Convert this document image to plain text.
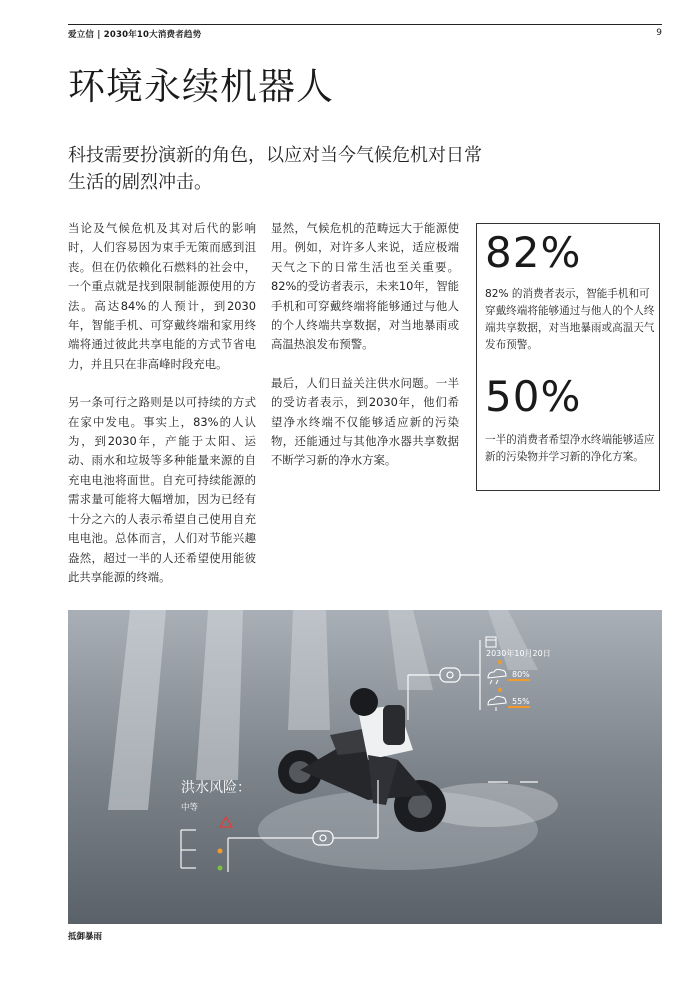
爱立信 | 2030年10大消费者趋势	9
环境永续机器人

科技需要扮演新的角色，以应对当今气候危机对日常生活的剧烈冲击。

当论及气候危机及其对后代的影响时，人们容易因为束手无策而感到沮丧。但在仍依赖化石燃料的社会中，一个重点就是找到限制能源使用的方法。高达84%的人预计，到2030年，智能手机、可穿戴终端和家用终端将通过彼此共享电能的方式节省电力，并且只在非高峰时段充电。

另一条可行之路则是以可持续的方式在家中发电。事实上，83%的人认为，到2030年，产能于太阳、运动、雨水和垃圾等多种能量来源的自充电电池将面世。自充可持续能源的需求量可能将大幅增加，因为已经有十分之六的人表示希望自己使用自充电电池。总体而言，人们对节能兴趣盎然，超过一半的人还希望使用能彼此共享能源的终端。

显然，气候危机的范畴远大于能源使用。例如，对许多人来说，适应极端天气之下的日常生活也至关重要。82%的受访者表示，未来10年，智能手机和可穿戴终端将能够通过与他人的个人终端共享数据，对当地暴雨或高温热浪发布预警。

最后，人们日益关注供水问题。一半的受访者表示，到2030年，他们希望净水终端不仅能够适应新的污染物，还能通过与其他净水器共享数据不断学习新的净水方案。

82%
82% 的消费者表示，智能手机和可穿戴终端将能够通过与他人的个人终端共享数据，对当地暴雨或高温天气发布预警。
50%
一半的消费者希望净水终端能够适应新的污染物并学习新的净化方案。
2030年10月20日
80%
55%
洪水风险：
中等
抵御暴雨
